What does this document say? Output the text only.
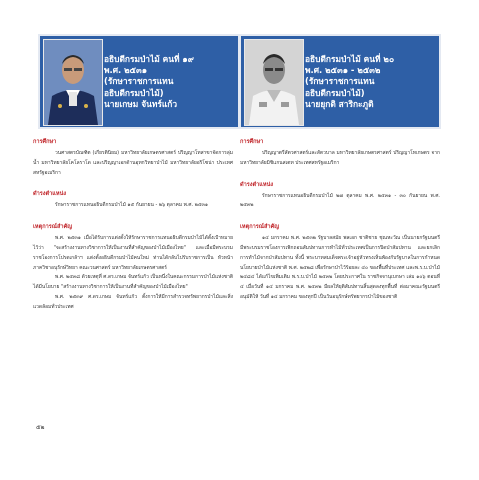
อธิบดีกรมป่าไม้ คนที่ ๑๙
พ.ศ. ๒๕๓๑
(รักษาราชการแทน
อธิบดีกรมป่าไม้)
นายเกษม จันทร์แก้ว
อธิบดีกรมป่าไม้ คนที่ ๒๐
พ.ศ. ๒๕๓๑ - ๒๕๓๒
(รักษาราชการแทน
อธิบดีกรมป่าไม้)
นายยุกติ สาริกะภูติ
การศึกษา
วนศาสตรบัณฑิต (เกียรตินิยม) มหาวิทยาลัยเกษตรศาสตร์ ปริญญาโทสาขาจัดการลุ่มน้ำ มหาวิทยาลัยโคโลราโด และปริญญาเอกด้านอุทกวิทยาป่าไม้ มหาวิทยาลัยอริโซน่า ประเทศสหรัฐอเมริกา
ดำรงตำแหน่ง
รักษาราชการแทนอธิบดีกรมป่าไม้ ๑๕ กันยายน - ๒๖ ตุลาคม พ.ศ. ๒๕๓๑
เหตุการณ์สำคัญ
พ.ศ. ๒๕๓๑ เมื่อได้รับการแต่งตั้งให้รักษาราชการแทนอธิบดีกรมป่าไม้ได้ตั้งเป้าหมายไว้ว่า "จะสร้างงานทางวิชาการให้เป็นงานที่สำคัญของป่าไม้เมืองไทย" และเมื่อมีพระบรมราชโองการโปรดเกล้าฯ แต่งตั้งอธิบดีกรมป่าไม้คนใหม่ ท่านได้กลับไปรับราชการเป็น หัวหน้าภาควิชาอนุรักษ์วิทยา คณะวนศาสตร์ มหาวิทยาลัยเกษตรศาสตร์
พ.ศ. ๒๕๓๘ ด้วยเหตุที่ ศ.ดร.เกษม จันทร์แก้ว เป็นหนึ่งในคณะกรรมการป่าไม้แห่งชาติได้มีนโยบาย "สร้างงานทางวิชาการให้เป็นงานที่สำคัญของป่าไม้เมืองไทย"
พ.ศ. ๒๕๓๙ ศ.ดร.เกษม จันทร์แก้ว ตั้งการให้มีการสำรวจทรัพยากรป่าไม้และสิ่งแวดล้อมทั่วประเทศ
การศึกษา
ปริญญาตรีสัตวศาสตร์และสัตวบาล มหาวิทยาลัยเกษตรศาสตร์ ปริญญาโทเกษตร จากมหาวิทยาลัยมิชิแกนสเตท ประเทศสหรัฐอเมริกา
ดำรงตำแหน่ง
รักษาราชการแทนอธิบดีกรมป่าไม้ ๒๗ ตุลาคม พ.ศ. ๒๕๓๑ - ๓๐ กันยายน พ.ศ. ๒๕๓๒
เหตุการณ์สำคัญ
๑๔ มกราคม พ.ศ. ๒๕๓๒ รัฐบาลสมัย พลเอก ชาติชาย ชุณหะวัณ เป็นนายกรัฐมนตรี มีพระบรมราชโองการเพิกถอนสัมปทานการทำไม้ทั่วประเทศเป็นการปิดป่าสัมปทาน และยกเลิกการทำไม้จากป่าสัมปทาน ทั้งนี้ พระบาทสมเด็จพระเจ้าอยู่หัวทรงเห็นพ้องกับรัฐบาลในการกำหนดนโยบายป่าไม้แห่งชาติ พ.ศ. ๒๕๒๘ เพื่อรักษาป่าไว้ร้อยละ ๔๐ ของพื้นที่ประเทศ และพ.ร.บ.ป่าไม้ ๒๔๘๔ ได้แก้ไขเพิ่มเติม พ.ร.บ.ป่าไม้ ๒๕๓๒ โดยประกาศใน ราชกิจจานุเบกษา เล่ม ๑๐๖ ตอนที่ ๔ เมื่อวันที่ ๑๔ มกราคม พ.ศ. ๒๕๓๒ มีผลให้ยุติสัมปทานสิ้นสุดลงทุกพื้นที่ ต่อมาคณะรัฐมนตรีอนุมัติให้ วันที่ ๑๔ มกราคม ของทุกปี เป็นวันอนุรักษ์ทรัพยากรป่าไม้ของชาติ
๕๒
